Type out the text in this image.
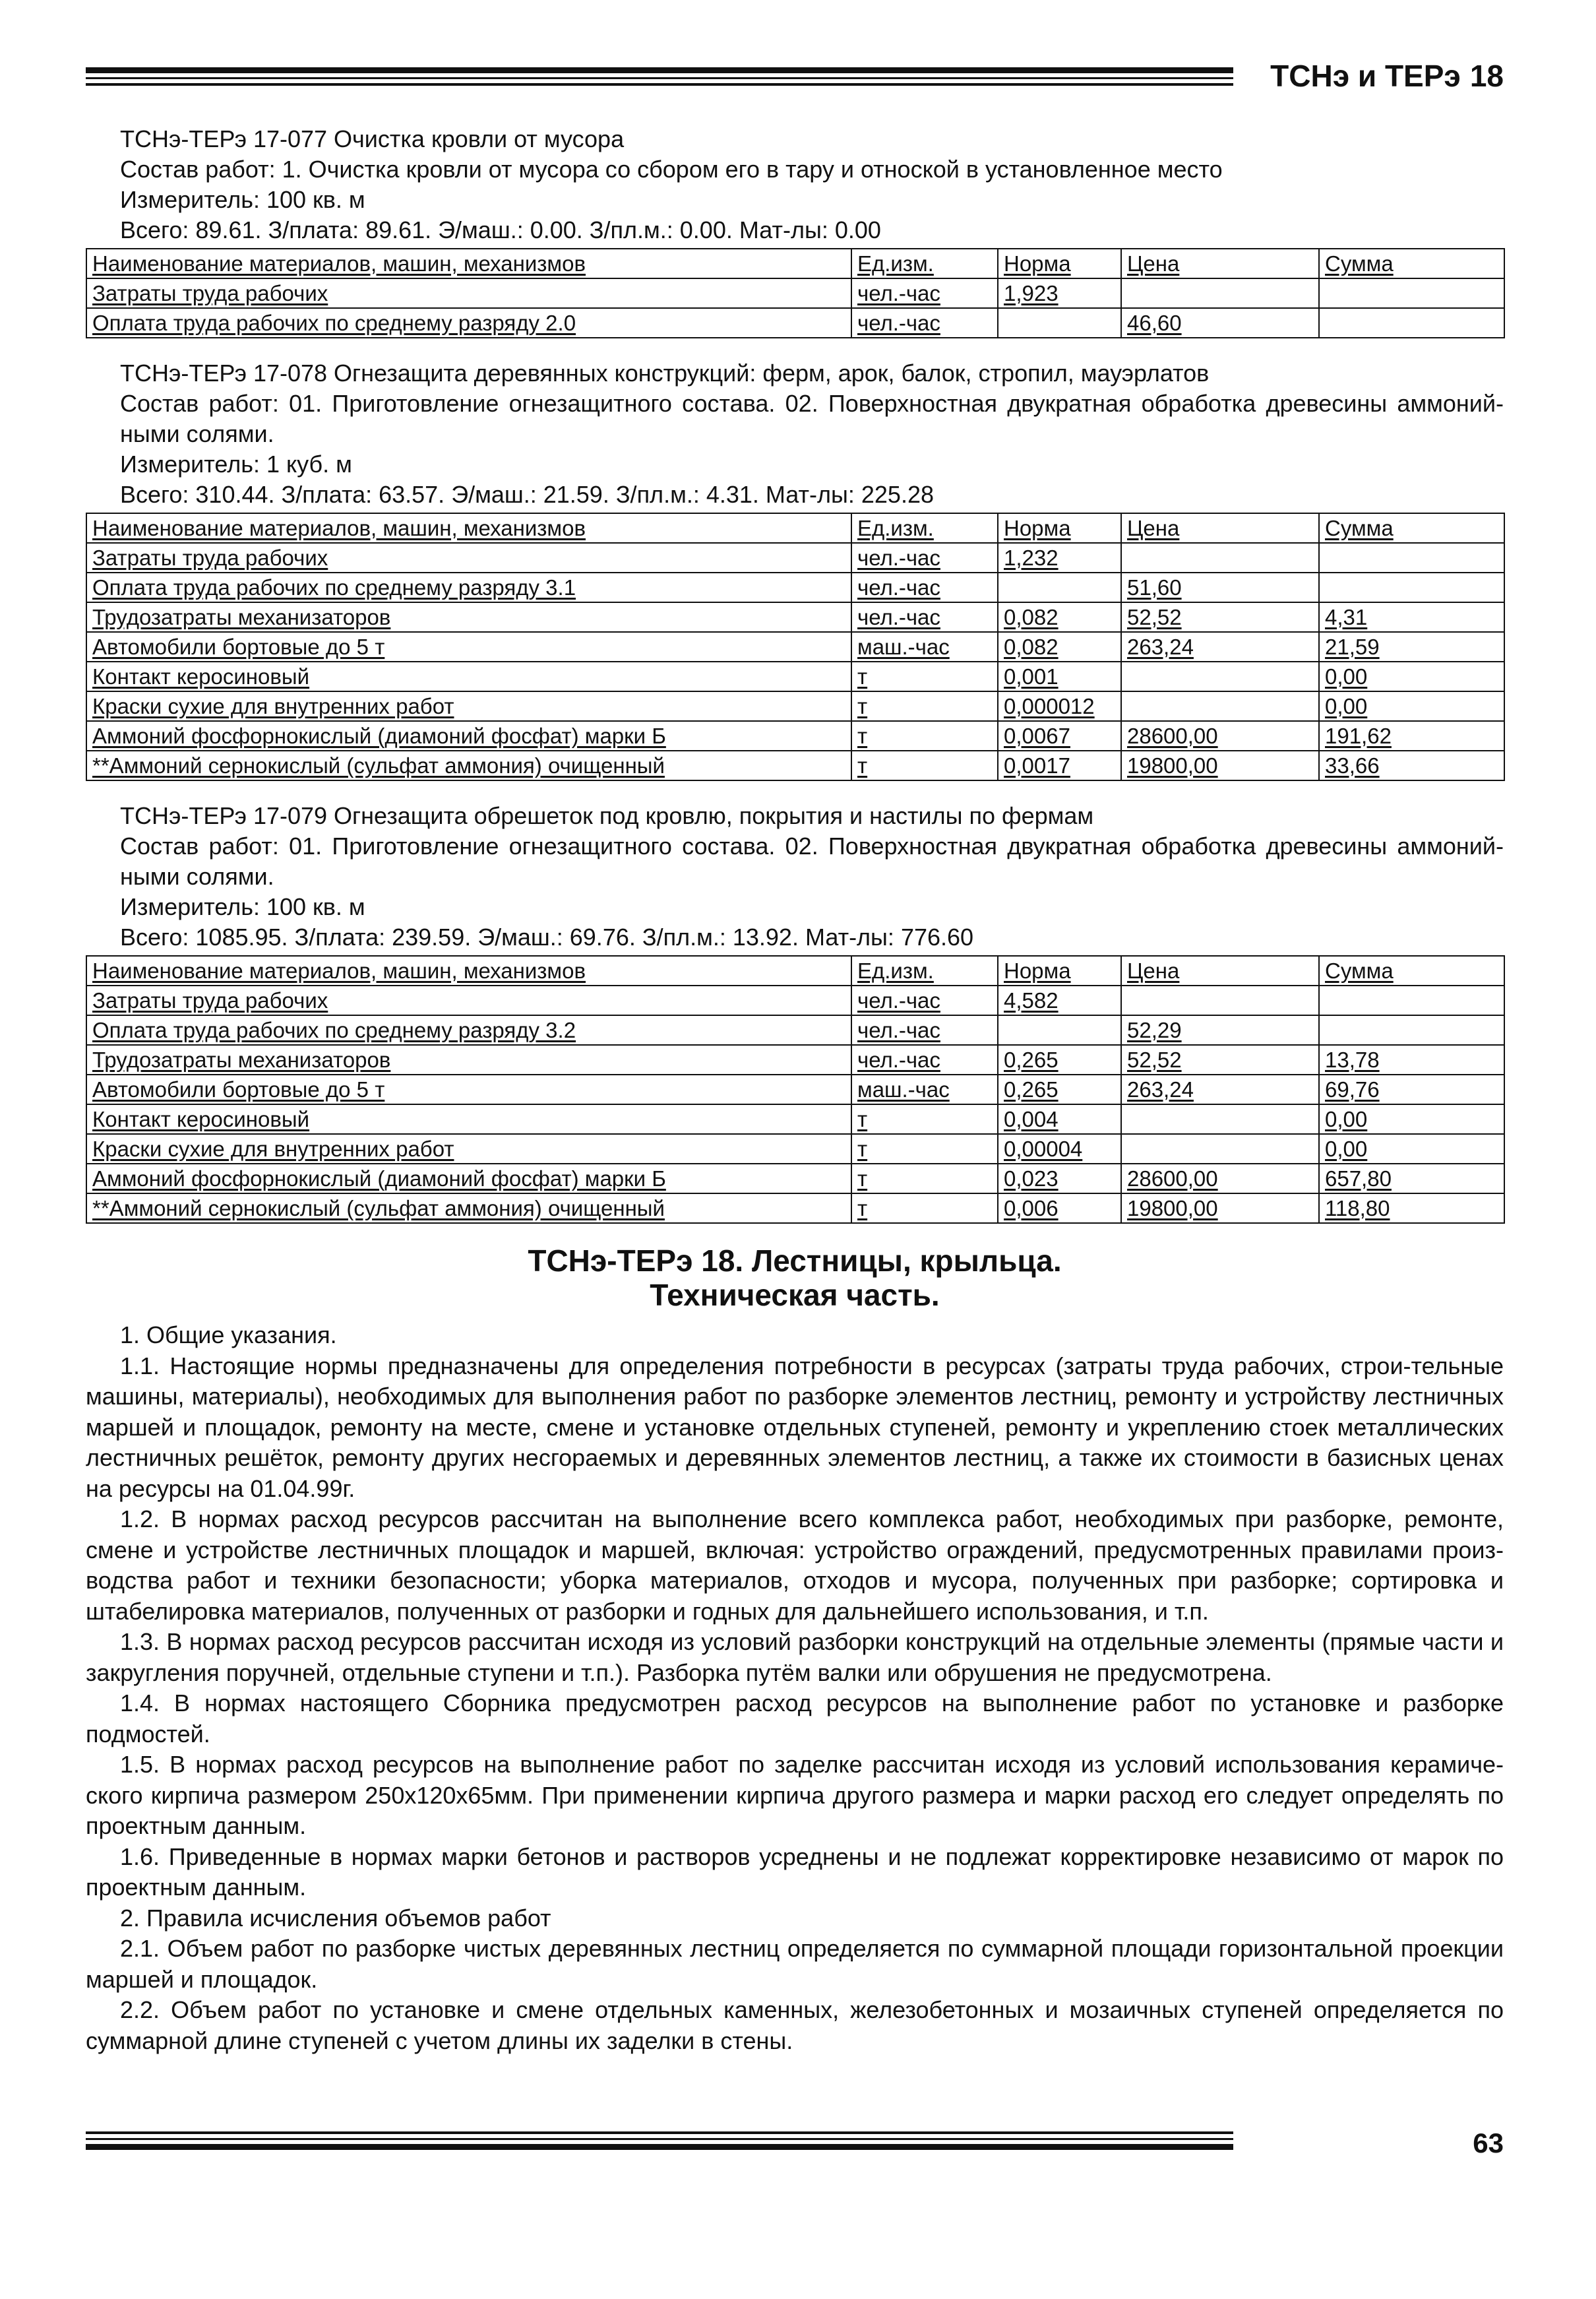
ТСНэ и ТЕРэ 18

ТСНэ-ТЕРэ 17-077 Очистка кровли от мусора

Состав работ: 1. Очистка кровли от мусора со сбором его в тару и отноской в установленное место

Измеритель: 100 кв. м

Всего: 89.61. З/плата: 89.61. Э/маш.: 0.00. З/пл.м.: 0.00. Мат-лы: 0.00

Наименование материалов, машин, механизмов	Ед.изм.	Норма	Цена	Сумма
Затраты труда рабочих	чел.-час	1,923		
Оплата труда рабочих по среднему разряду 2.0	чел.-час		46,60	

ТСНэ-ТЕРэ 17-078 Огнезащита деревянных конструкций: ферм, арок, балок, стропил, мауэрлатов

Состав работ: 01. Приготовление огнезащитного состава. 02. Поверхностная двукратная обработка древесины аммоний-ными солями.

Измеритель: 1 куб. м

Всего: 310.44. З/плата: 63.57. Э/маш.: 21.59. З/пл.м.: 4.31. Мат-лы: 225.28

Наименование материалов, машин, механизмов	Ед.изм.	Норма	Цена	Сумма
Затраты труда рабочих	чел.-час	1,232		
Оплата труда рабочих по среднему разряду 3.1	чел.-час		51,60	
Трудозатраты механизаторов	чел.-час	0,082	52,52	4,31
Автомобили бортовые до 5 т	маш.-час	0,082	263,24	21,59
Контакт керосиновый	т	0,001		0,00
Краски сухие для внутренних работ	т	0,000012		0,00
Аммоний фосфорнокислый (диамоний фосфат) марки Б	т	0,0067	28600,00	191,62
**Аммоний сернокислый (сульфат аммония) очищенный	т	0,0017	19800,00	33,66

ТСНэ-ТЕРэ 17-079 Огнезащита обрешеток под кровлю, покрытия и настилы по фермам

Состав работ: 01. Приготовление огнезащитного состава. 02. Поверхностная двукратная обработка древесины аммоний-ными солями.

Измеритель: 100 кв. м

Всего: 1085.95. З/плата: 239.59. Э/маш.: 69.76. З/пл.м.: 13.92. Мат-лы: 776.60

Наименование материалов, машин, механизмов	Ед.изм.	Норма	Цена	Сумма
Затраты труда рабочих	чел.-час	4,582		
Оплата труда рабочих по среднему разряду 3.2	чел.-час		52,29	
Трудозатраты механизаторов	чел.-час	0,265	52,52	13,78
Автомобили бортовые до 5 т	маш.-час	0,265	263,24	69,76
Контакт керосиновый	т	0,004		0,00
Краски сухие для внутренних работ	т	0,00004		0,00
Аммоний фосфорнокислый (диамоний фосфат) марки Б	т	0,023	28600,00	657,80
**Аммоний сернокислый (сульфат аммония) очищенный	т	0,006	19800,00	118,80
ТСНэ-ТЕРэ 18. Лестницы, крыльца.
Техническая часть.

1. Общие указания.

1.1. Настоящие нормы предназначены для определения потребности в ресурсах (затраты труда рабочих, строи-тельные машины, материалы), необходимых для выполнения работ по разборке элементов лестниц, ремонту и устройству лестничных маршей и площадок, ремонту на месте, смене и установке отдельных ступеней, ремонту и укреплению стоек металлических лестничных решёток, ремонту других несгораемых и деревянных элементов лестниц, а также их стоимости в базисных ценах на ресурсы на 01.04.99г.

1.2. В нормах расход ресурсов рассчитан на выполнение всего комплекса работ, необходимых при разборке, ремонте, смене и устройстве лестничных площадок и маршей, включая: устройство ограждений, предусмотренных правилами произ-водства работ и техники безопасности; уборка материалов, отходов и мусора, полученных при разборке; сортировка и штабелировка материалов, полученных от разборки и годных для дальнейшего использования, и т.п.

1.3. В нормах расход ресурсов рассчитан исходя из условий разборки конструкций на отдельные элементы (прямые части и закругления поручней, отдельные ступени и т.п.). Разборка путём валки или обрушения не предусмотрена.

1.4. В нормах настоящего Сборника предусмотрен расход ресурсов на выполнение работ по установке и разборке подмостей.

1.5. В нормах расход ресурсов на выполнение работ по заделке рассчитан исходя из условий использования керамиче-ского кирпича размером 250х120х65мм. При применении кирпича другого размера и марки расход его следует определять по проектным данным.

1.6. Приведенные в нормах марки бетонов и растворов усреднены и не подлежат корректировке независимо от марок по проектным данным.

2. Правила исчисления объемов работ

2.1. Объем работ по разборке чистых деревянных лестниц определяется по суммарной площади горизонтальной проекции маршей и площадок.

2.2. Объем работ по установке и смене отдельных каменных, железобетонных и мозаичных ступеней определяется по суммарной длине ступеней с учетом длины их заделки в стены.

63
